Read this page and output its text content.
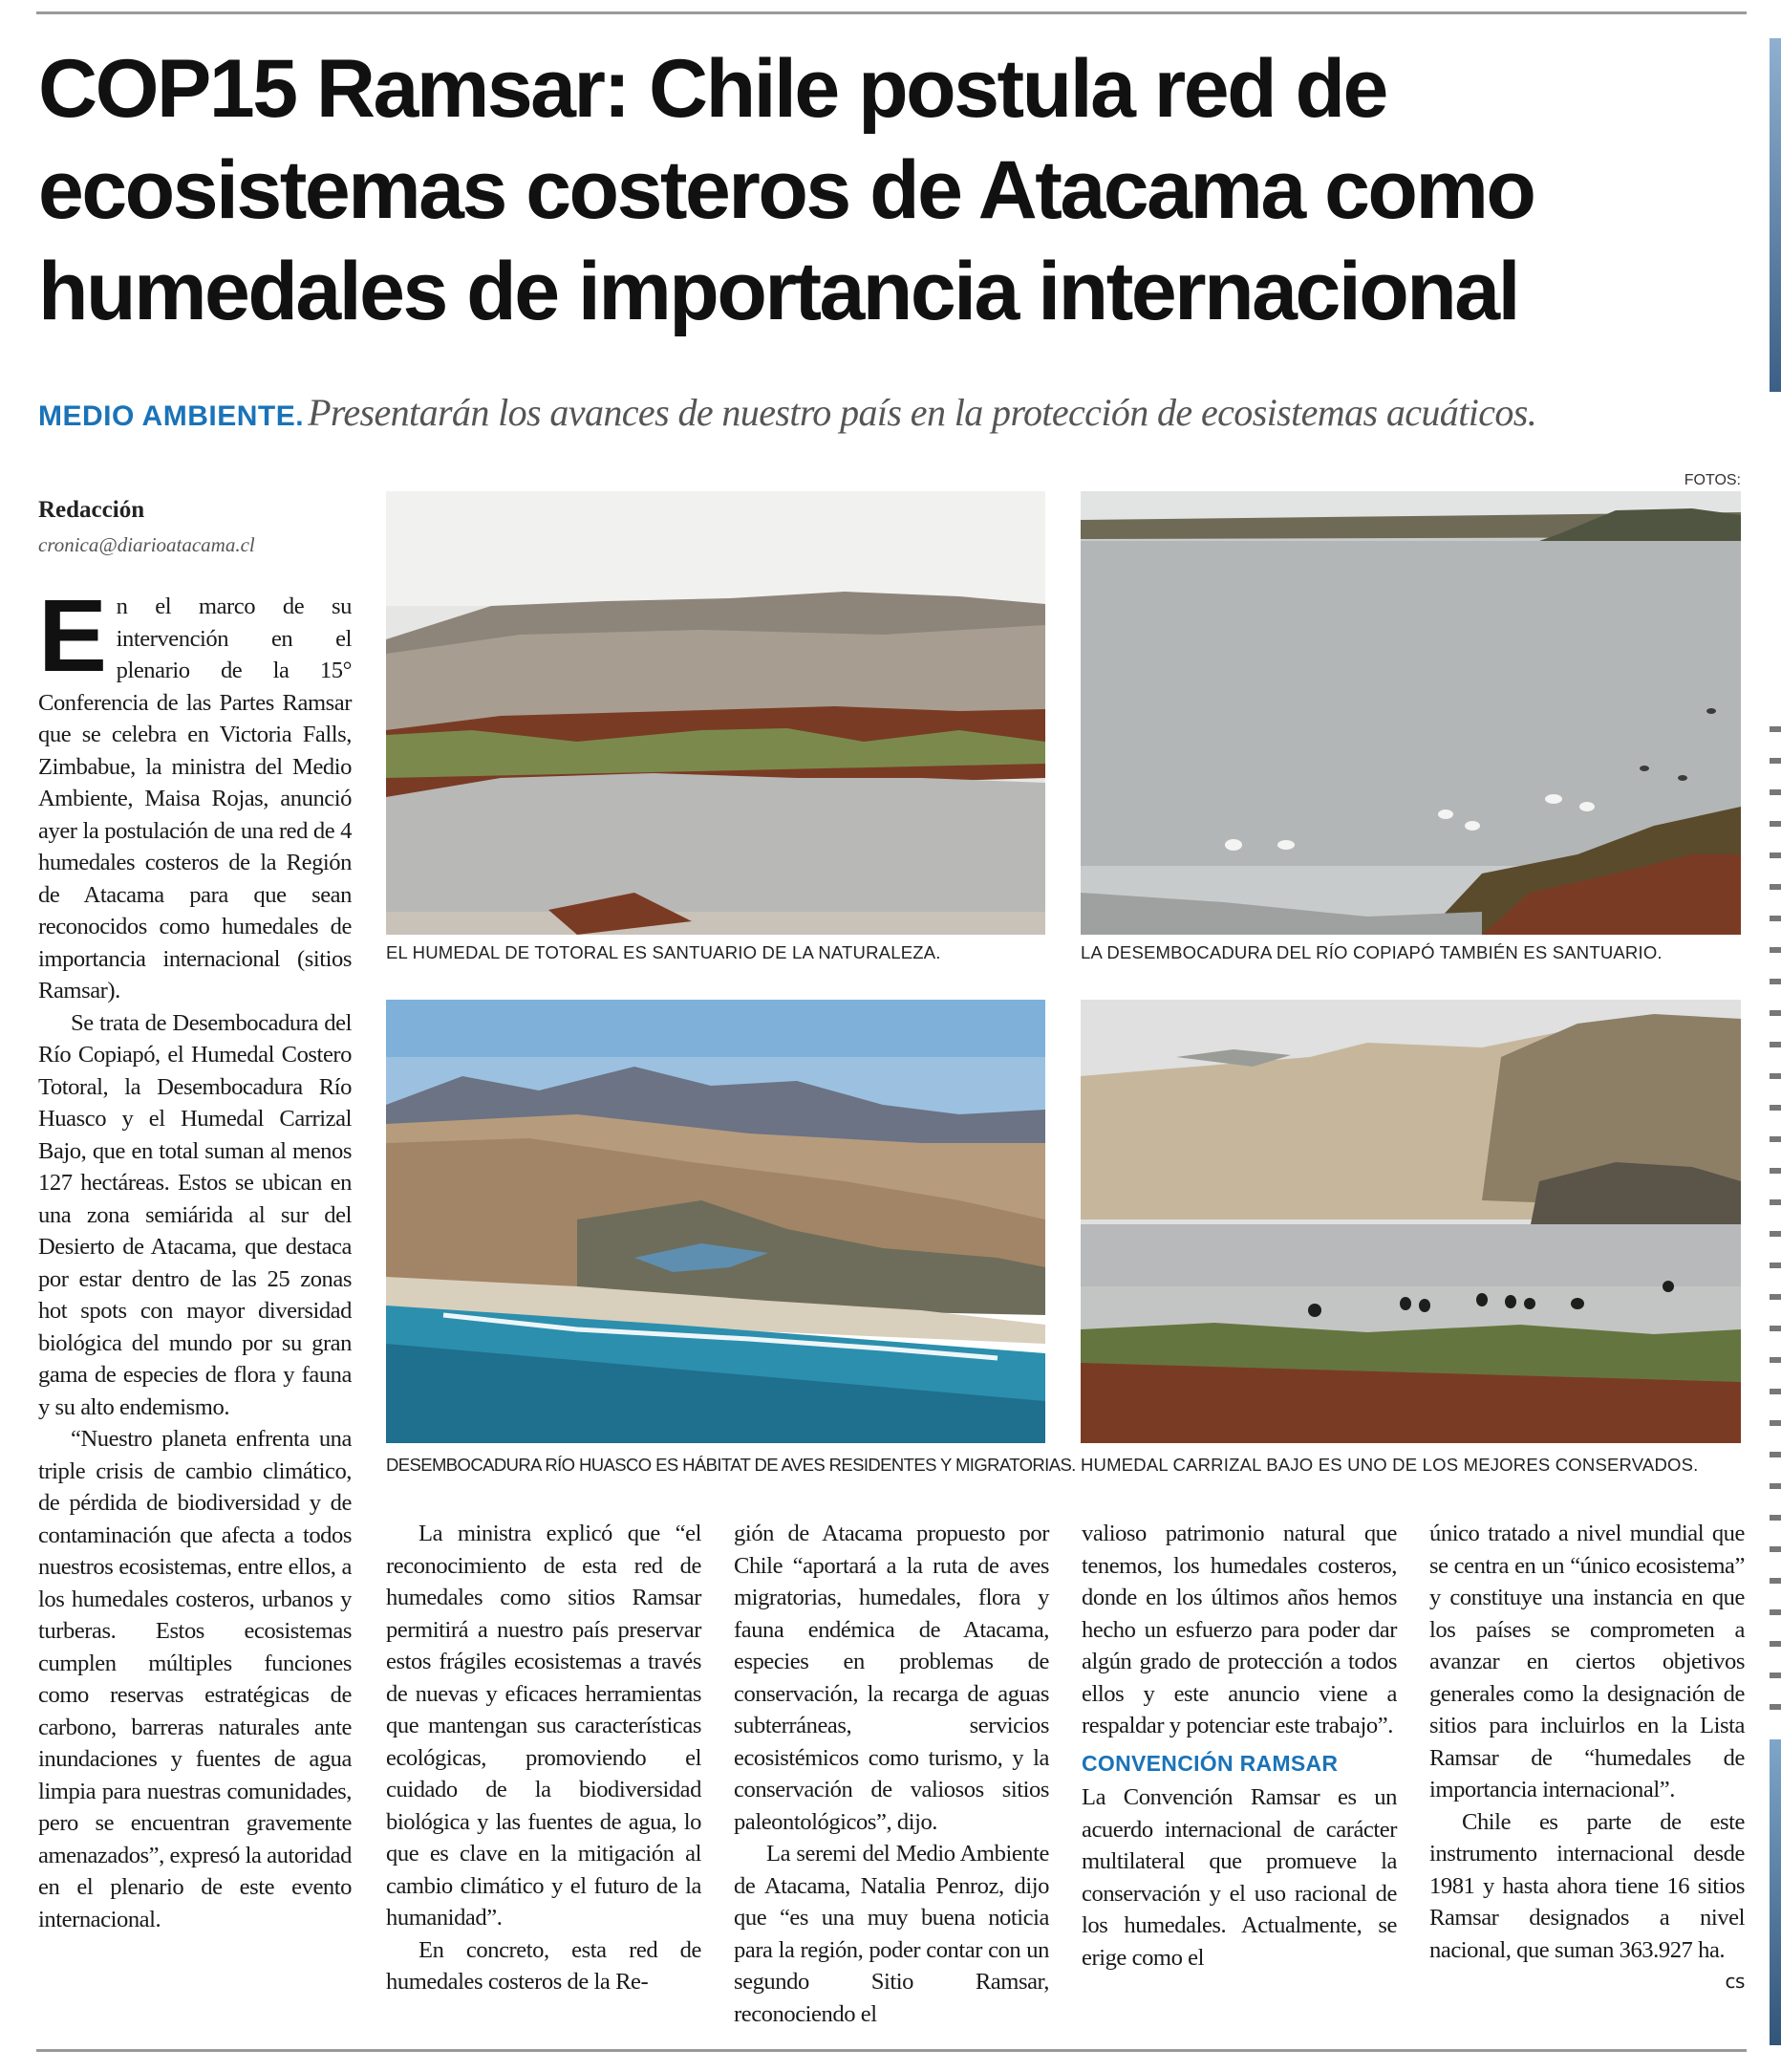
COP15 Ramsar: Chile postula red de
ecosistemas costeros de Atacama como
humedales de importancia internacional
MEDIO AMBIENTE. Presentarán los avances de nuestro país en la protección de ecosistemas acuáticos.
FOTOS:
Redacción
cronica@diarioatacama.cl
EL HUMEDAL DE TOTORAL ES SANTUARIO DE LA NATURALEZA.	LA DESEMBOCADURA DEL RÍO COPIAPÓ TAMBIÉN ES SANTUARIO.
DESEMBOCADURA RÍO HUASCO ES HÁBITAT DE AVES RESIDENTES Y MIGRATORIAS. HUMEDAL CARRIZAL BAJO ES UNO DE LOS MEJORES CONSERVADOS.

En el marco de su intervención en el plenario de la 15° Conferencia de las Partes Ramsar que se celebra en Victoria Falls, Zimbabue, la ministra del Medio Ambiente, Maisa Rojas, anunció ayer la postulación de una red de 4 humedales costeros de la Región de Atacama para que sean reconocidos como humedales de importancia internacional (sitios Ramsar).

Se trata de Desembocadura del Río Copiapó, el Humedal Costero Totoral, la Desembocadura Río Huasco y el Humedal Carrizal Bajo, que en total suman al menos 127 hectáreas. Estos se ubican en una zona semiárida al sur del Desierto de Atacama, que destaca por estar dentro de las 25 zonas hot spots con mayor diversidad biológica del mundo por su gran gama de especies de flora y fauna y su alto endemismo.

“Nuestro planeta enfrenta una triple crisis de cambio climático, de pérdida de biodiversidad y de contaminación que afecta a todos nuestros ecosistemas, entre ellos, a los humedales costeros, urbanos y turberas. Estos ecosistemas cumplen múltiples funciones como reservas estratégicas de carbono, barreras naturales ante inundaciones y fuentes de agua limpia para nuestras comunidades, pero se encuentran gravemente amenazados”, expresó la autoridad en el plenario de este evento internacional.

La ministra explicó que “el reconocimiento de esta red de humedales como sitios Ramsar permitirá a nuestro país preservar estos frágiles ecosistemas a través de nuevas y eficaces herramientas que mantengan sus características ecológicas, promoviendo el cuidado de la biodiversidad biológica y las fuentes de agua, lo que es clave en la mitigación al cambio climático y el futuro de la humanidad”.

En concreto, esta red de humedales costeros de la Re-

gión de Atacama propuesto por Chile “aportará a la ruta de aves migratorias, humedales, flora y fauna endémica de Atacama, especies en problemas de conservación, la recarga de aguas subterráneas, servicios ecosistémicos como turismo, y la conservación de valiosos sitios paleontológicos”, dijo.

La seremi del Medio Ambiente de Atacama, Natalia Penroz, dijo que “es una muy buena noticia para la región, poder contar con un segundo Sitio Ramsar, reconociendo el

valioso patrimonio natural que tenemos, los humedales costeros, donde en los últimos años hemos hecho un esfuerzo para poder dar algún grado de protección a todos ellos y este anuncio viene a respaldar y potenciar este trabajo”.

CONVENCIÓN RAMSAR

La Convención Ramsar es un acuerdo internacional de carácter multilateral que promueve la conservación y el uso racional de los humedales. Actualmente, se erige como el

único tratado a nivel mundial que se centra en un “único ecosistema” y constituye una instancia en que los países se comprometen a avanzar en ciertos objetivos generales como la designación de sitios para incluirlos en la Lista Ramsar de “humedales de importancia internacional”.

Chile es parte de este instrumento internacional desde 1981 y hasta ahora tiene 16 sitios Ramsar designados a nivel nacional, que suman 363.927 ha.
cs
